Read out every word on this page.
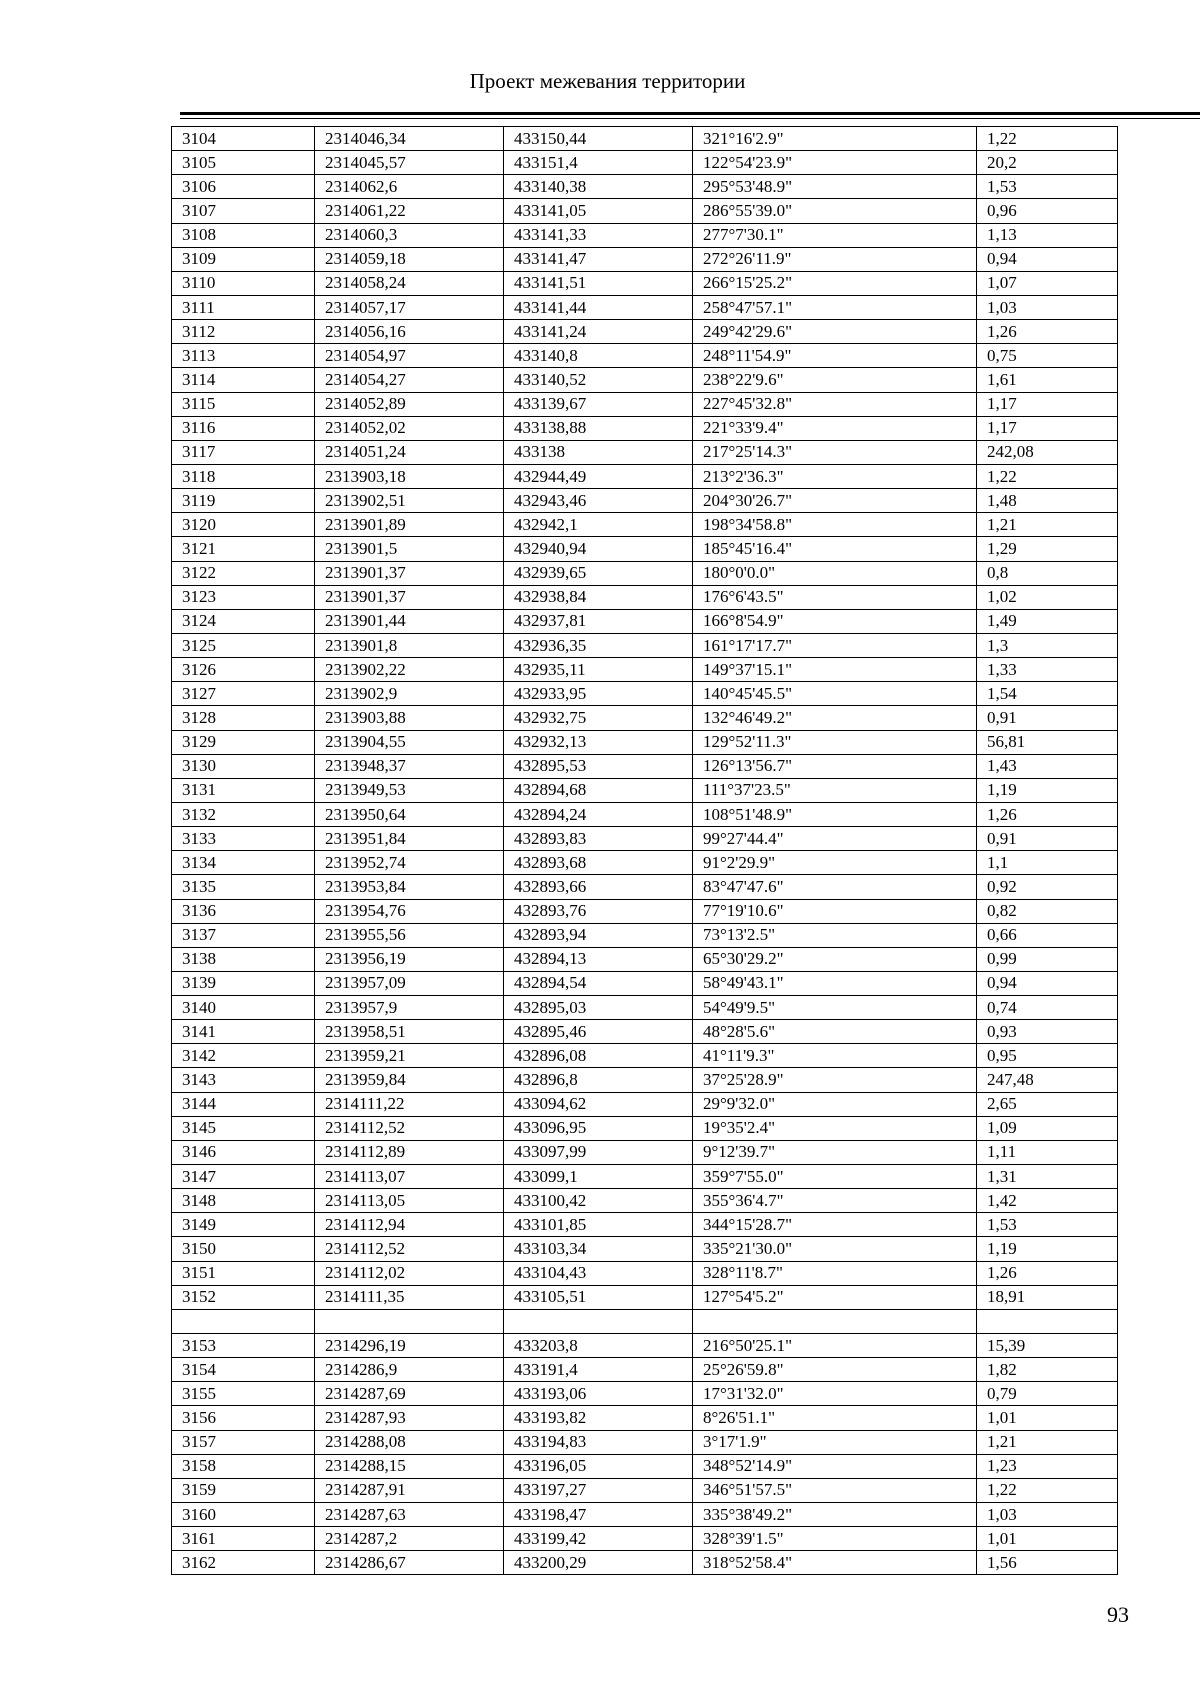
Проект межевания территории
3104	2314046,34	433150,44	321°16'2.9"	1,22
3105	2314045,57	433151,4	122°54'23.9"	20,2
3106	2314062,6	433140,38	295°53'48.9"	1,53
3107	2314061,22	433141,05	286°55'39.0"	0,96
3108	2314060,3	433141,33	277°7'30.1"	1,13
3109	2314059,18	433141,47	272°26'11.9"	0,94
3110	2314058,24	433141,51	266°15'25.2"	1,07
3111	2314057,17	433141,44	258°47'57.1"	1,03
3112	2314056,16	433141,24	249°42'29.6"	1,26
3113	2314054,97	433140,8	248°11'54.9"	0,75
3114	2314054,27	433140,52	238°22'9.6"	1,61
3115	2314052,89	433139,67	227°45'32.8"	1,17
3116	2314052,02	433138,88	221°33'9.4"	1,17
3117	2314051,24	433138	217°25'14.3"	242,08
3118	2313903,18	432944,49	213°2'36.3"	1,22
3119	2313902,51	432943,46	204°30'26.7"	1,48
3120	2313901,89	432942,1	198°34'58.8"	1,21
3121	2313901,5	432940,94	185°45'16.4"	1,29
3122	2313901,37	432939,65	180°0'0.0"	0,8
3123	2313901,37	432938,84	176°6'43.5"	1,02
3124	2313901,44	432937,81	166°8'54.9"	1,49
3125	2313901,8	432936,35	161°17'17.7"	1,3
3126	2313902,22	432935,11	149°37'15.1"	1,33
3127	2313902,9	432933,95	140°45'45.5"	1,54
3128	2313903,88	432932,75	132°46'49.2"	0,91
3129	2313904,55	432932,13	129°52'11.3"	56,81
3130	2313948,37	432895,53	126°13'56.7"	1,43
3131	2313949,53	432894,68	111°37'23.5"	1,19
3132	2313950,64	432894,24	108°51'48.9"	1,26
3133	2313951,84	432893,83	99°27'44.4"	0,91
3134	2313952,74	432893,68	91°2'29.9"	1,1
3135	2313953,84	432893,66	83°47'47.6"	0,92
3136	2313954,76	432893,76	77°19'10.6"	0,82
3137	2313955,56	432893,94	73°13'2.5"	0,66
3138	2313956,19	432894,13	65°30'29.2"	0,99
3139	2313957,09	432894,54	58°49'43.1"	0,94
3140	2313957,9	432895,03	54°49'9.5"	0,74
3141	2313958,51	432895,46	48°28'5.6"	0,93
3142	2313959,21	432896,08	41°11'9.3"	0,95
3143	2313959,84	432896,8	37°25'28.9"	247,48
3144	2314111,22	433094,62	29°9'32.0"	2,65
3145	2314112,52	433096,95	19°35'2.4"	1,09
3146	2314112,89	433097,99	9°12'39.7"	1,11
3147	2314113,07	433099,1	359°7'55.0"	1,31
3148	2314113,05	433100,42	355°36'4.7"	1,42
3149	2314112,94	433101,85	344°15'28.7"	1,53
3150	2314112,52	433103,34	335°21'30.0"	1,19
3151	2314112,02	433104,43	328°11'8.7"	1,26
3152	2314111,35	433105,51	127°54'5.2"	18,91

3153	2314296,19	433203,8	216°50'25.1"	15,39
3154	2314286,9	433191,4	25°26'59.8"	1,82
3155	2314287,69	433193,06	17°31'32.0"	0,79
3156	2314287,93	433193,82	8°26'51.1"	1,01
3157	2314288,08	433194,83	3°17'1.9"	1,21
3158	2314288,15	433196,05	348°52'14.9"	1,23
3159	2314287,91	433197,27	346°51'57.5"	1,22
3160	2314287,63	433198,47	335°38'49.2"	1,03
3161	2314287,2	433199,42	328°39'1.5"	1,01
3162	2314286,67	433200,29	318°52'58.4"	1,56
93
